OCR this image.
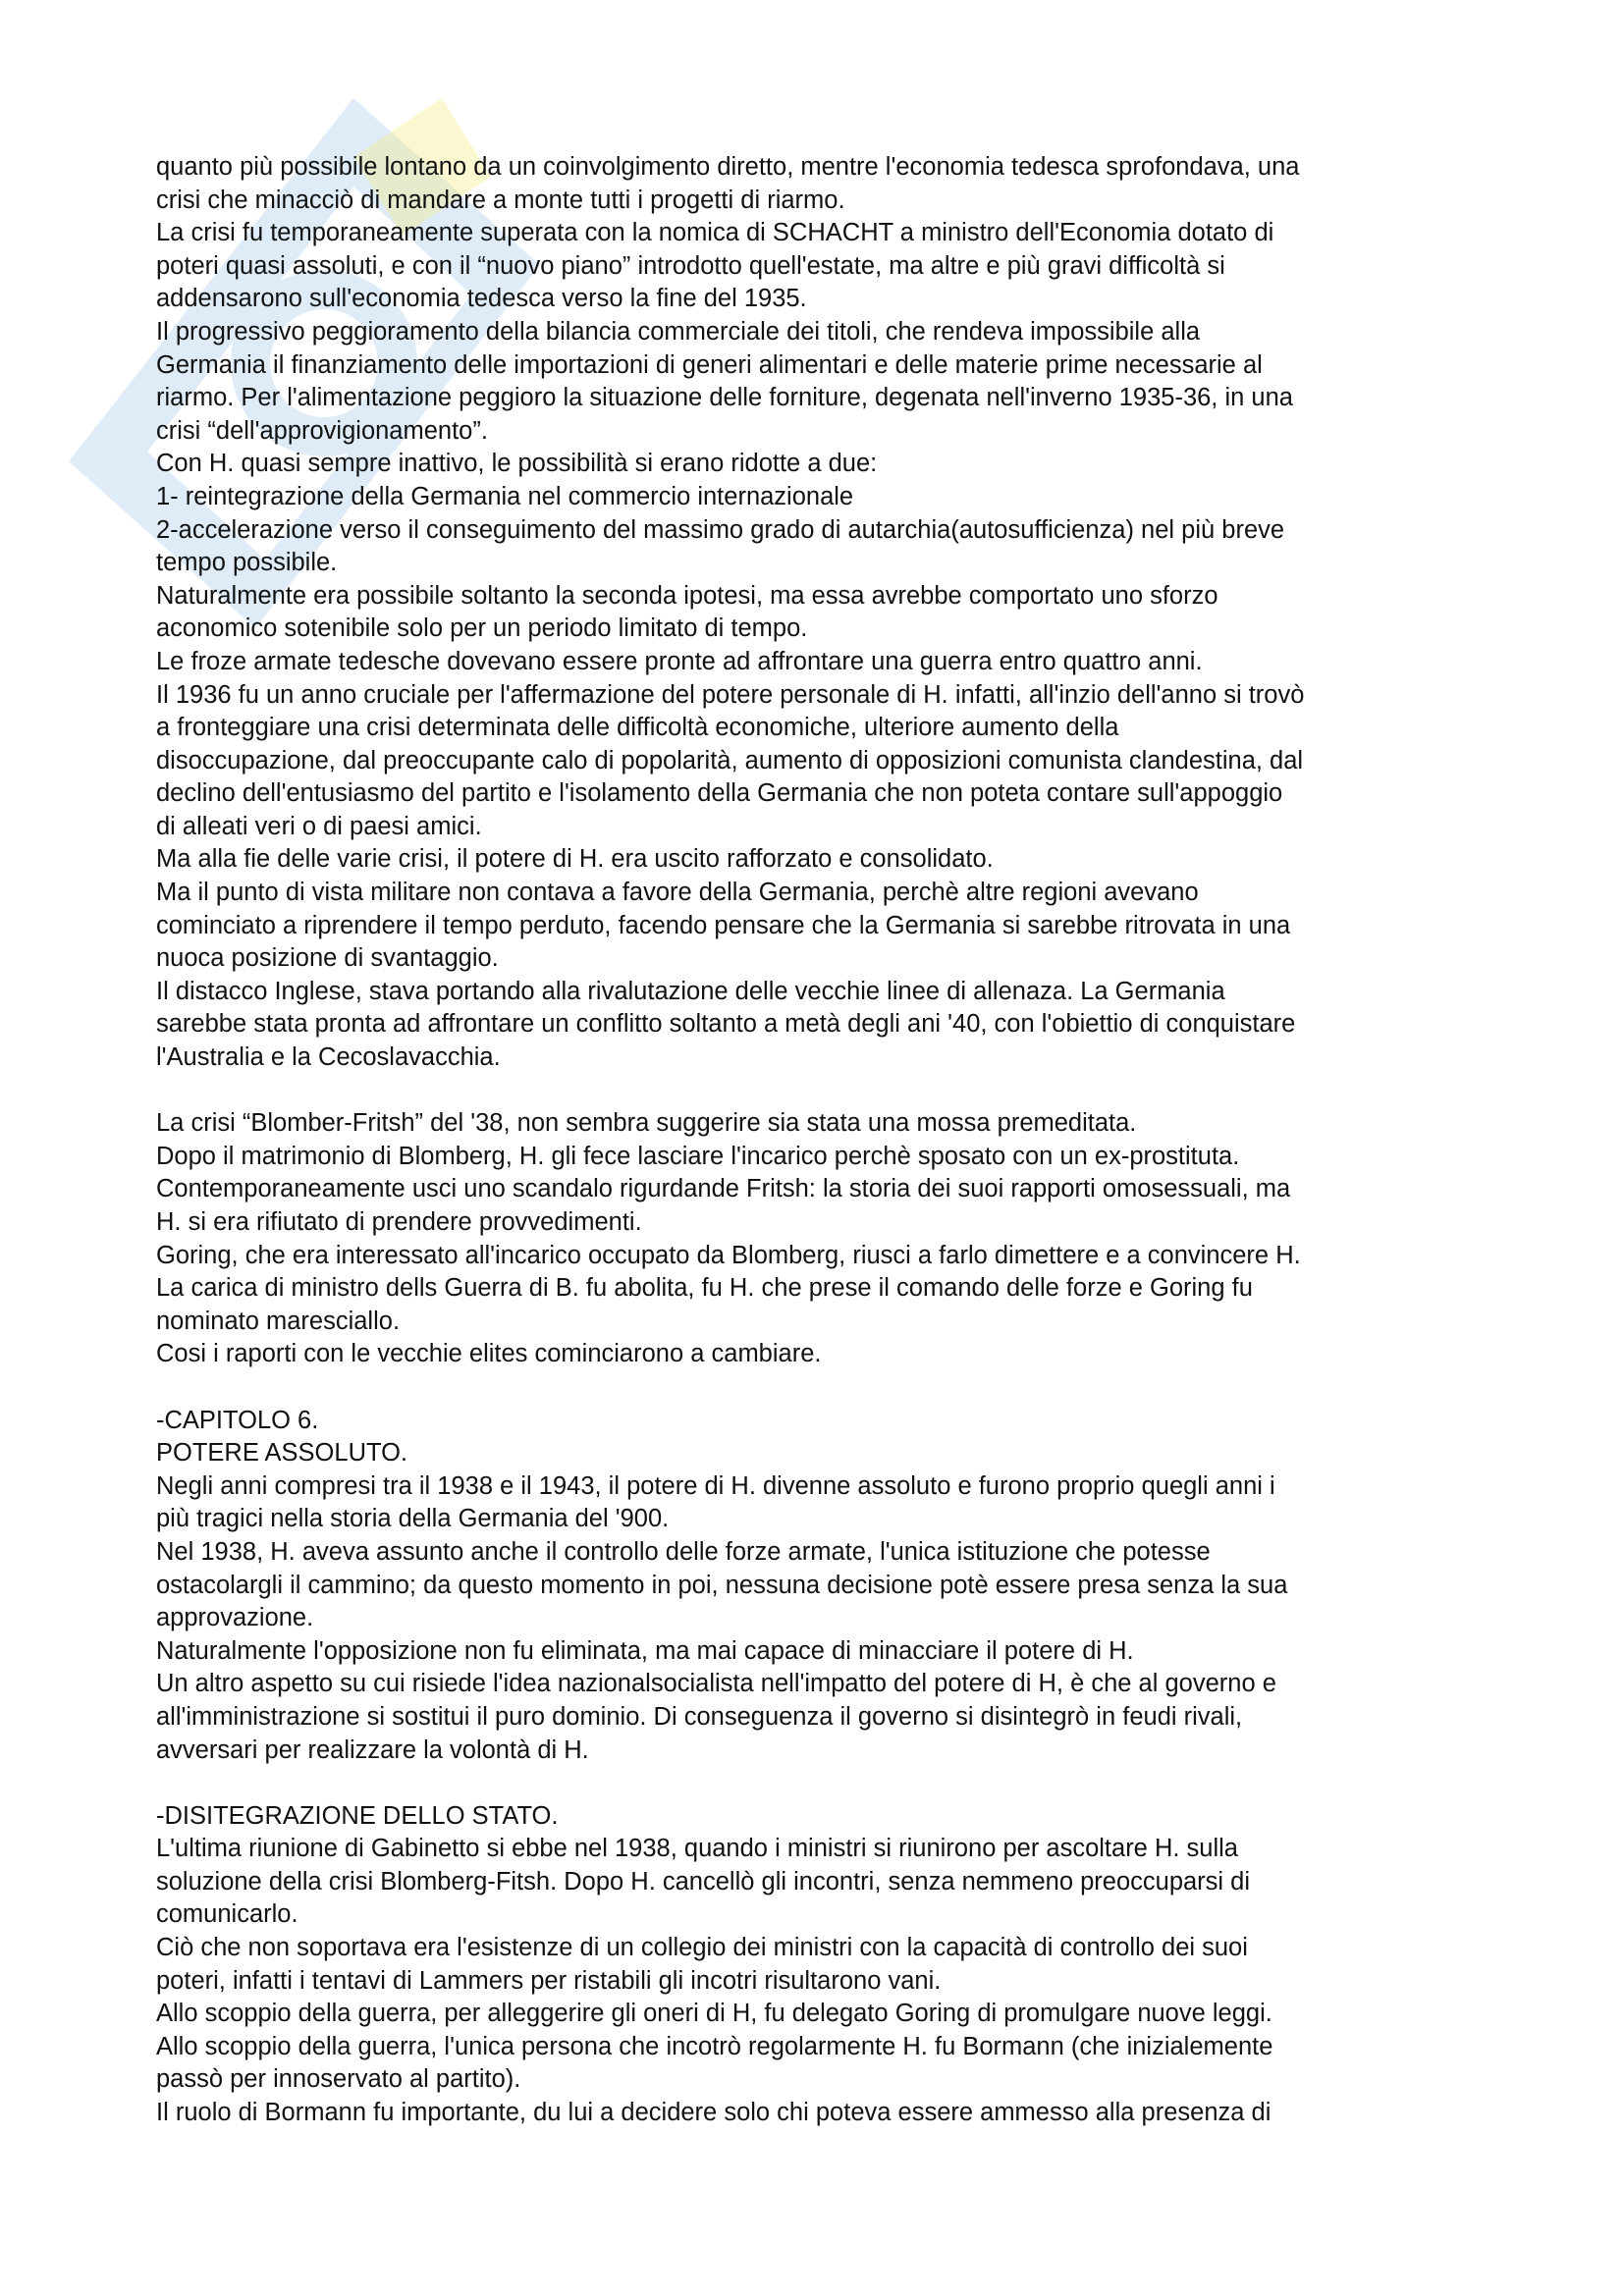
quanto più possibile lontano da un coinvolgimento diretto, mentre l'economia tedesca sprofondava, una
crisi che minacciò di mandare a monte tutti i progetti di riarmo.
La crisi fu temporaneamente superata con la nomica di SCHACHT a ministro dell'Economia dotato di
poteri quasi assoluti, e con il “nuovo piano” introdotto quell'estate, ma altre e più gravi difficoltà si
addensarono sull'economia tedesca verso la fine del 1935.
Il progressivo peggioramento della bilancia commerciale dei titoli, che rendeva impossibile alla
Germania il finanziamento delle importazioni di generi alimentari e delle materie prime necessarie al
riarmo. Per l'alimentazione peggioro la situazione delle forniture, degenata nell'inverno 1935-36, in una
crisi “dell'approvigionamento”.
Con H. quasi sempre inattivo, le possibilità si erano ridotte a due:
1- reintegrazione della Germania nel commercio internazionale
2-accelerazione verso il conseguimento del massimo grado di autarchia(autosufficienza) nel più breve
tempo possibile.
Naturalmente era possibile soltanto la seconda ipotesi, ma essa avrebbe comportato uno sforzo
aconomico sotenibile solo per un periodo limitato di tempo.
Le froze armate tedesche dovevano essere pronte ad affrontare una guerra entro quattro anni.
Il 1936 fu un anno cruciale per l'affermazione del potere personale di H. infatti, all'inzio dell'anno si trovò
a fronteggiare una crisi determinata delle difficoltà economiche, ulteriore aumento della
disoccupazione, dal preoccupante calo di popolarità, aumento di opposizioni comunista clandestina, dal
declino dell'entusiasmo del partito e l'isolamento della Germania che non poteta contare sull'appoggio
di alleati veri o di paesi amici.
Ma alla fie delle varie crisi, il potere di H. era uscito rafforzato e consolidato.
Ma il punto di vista militare non contava a favore della Germania, perchè altre regioni avevano
cominciato a riprendere il tempo perduto, facendo pensare che la Germania si sarebbe ritrovata in una
nuoca posizione di svantaggio.
Il distacco Inglese, stava portando alla rivalutazione delle vecchie linee di allenaza. La Germania
sarebbe stata pronta ad affrontare un conflitto soltanto a metà degli ani '40, con l'obiettio di conquistare
l'Australia e la Cecoslavacchia.
La crisi “Blomber-Fritsh” del '38, non sembra suggerire sia stata una mossa premeditata.
Dopo il matrimonio di Blomberg, H. gli fece lasciare l'incarico perchè sposato con un ex-prostituta.
Contemporaneamente usci uno scandalo rigurdande Fritsh: la storia dei suoi rapporti omosessuali, ma
H. si era rifiutato di prendere provvedimenti.
Goring, che era interessato all'incarico occupato da Blomberg, riusci a farlo dimettere e a convincere H.
La carica di ministro dells Guerra di B. fu abolita, fu H. che prese il comando delle forze e Goring fu
nominato maresciallo.
Cosi i raporti con le vecchie elites cominciarono a cambiare.
-CAPITOLO 6.
POTERE ASSOLUTO.
Negli anni compresi tra il 1938 e il 1943, il potere di H. divenne assoluto e furono proprio quegli anni i
più tragici nella storia della Germania del '900.
Nel 1938, H. aveva assunto anche il controllo delle forze armate, l'unica istituzione che potesse
ostacolargli il cammino; da questo momento in poi, nessuna decisione potè essere presa senza la sua
approvazione.
Naturalmente l'opposizione non fu eliminata, ma mai capace di minacciare il potere di H.
Un altro aspetto su cui risiede l'idea nazionalsocialista nell'impatto del potere di H, è che al governo e
all'imministrazione si sostitui il puro dominio. Di conseguenza il governo si disintegrò in feudi rivali,
avversari per realizzare la volontà di H.
-DISITEGRAZIONE DELLO STATO.
L'ultima riunione di Gabinetto si ebbe nel 1938, quando i ministri si riunirono per ascoltare H. sulla
soluzione della crisi Blomberg-Fitsh. Dopo H. cancellò gli incontri, senza nemmeno preoccuparsi di
comunicarlo.
Ciò che non soportava era l'esistenze di un collegio dei ministri con la capacità di controllo dei suoi
poteri, infatti i tentavi di Lammers per ristabili gli incotri risultarono vani.
Allo scoppio della guerra, per alleggerire gli oneri di H, fu delegato Goring di promulgare nuove leggi.
Allo scoppio della guerra, l'unica persona che incotrò regolarmente H. fu Bormann (che inizialemente
passò per innoservato al partito).
Il ruolo di Bormann fu importante, du lui a decidere solo chi poteva essere ammesso alla presenza di
